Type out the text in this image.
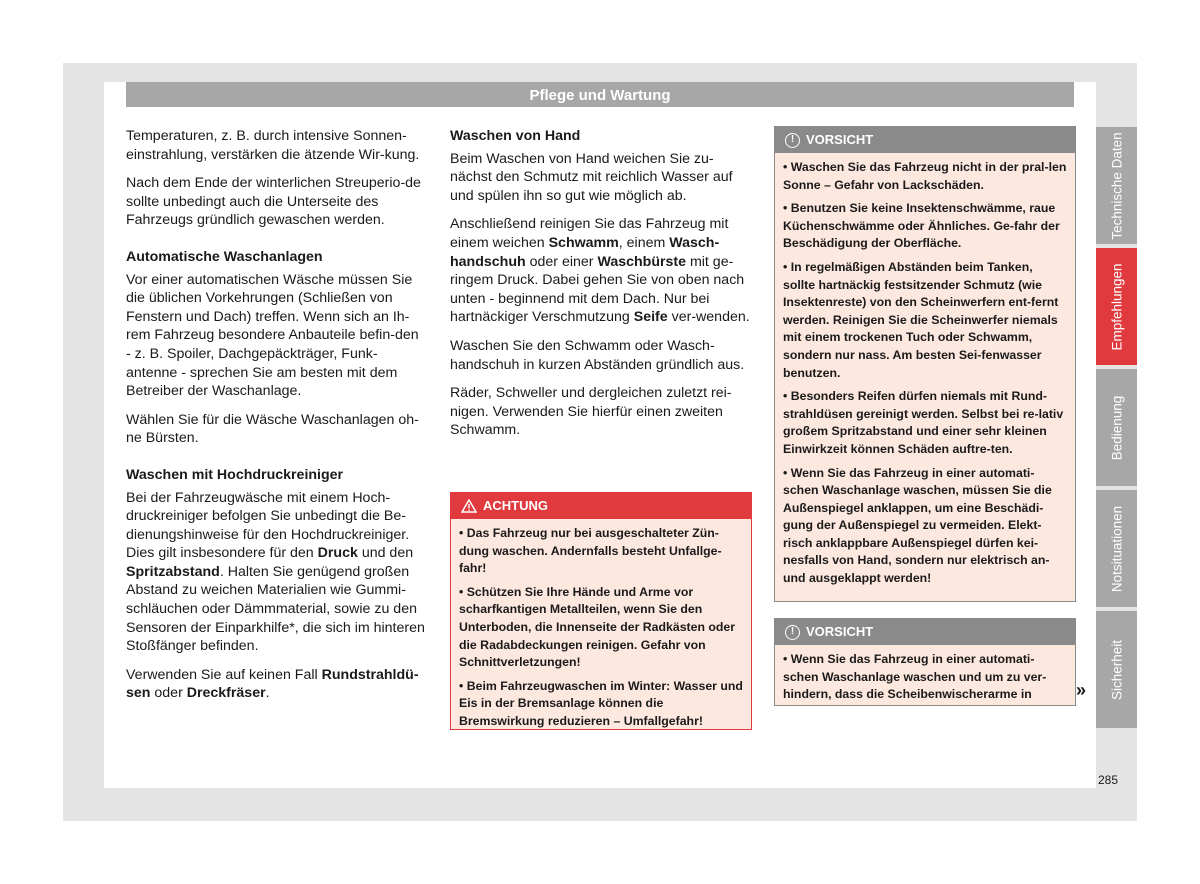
Pflege und Wartung

Temperaturen, z. B. durch intensive Sonnen-einstrahlung, verstärken die ätzende Wir-kung.

Nach dem Ende der winterlichen Streuperio-de sollte unbedingt auch die Unterseite des Fahrzeugs gründlich gewaschen werden.

Automatische Waschanlagen

Vor einer automatischen Wäsche müssen Sie die üblichen Vorkehrungen (Schließen von Fenstern und Dach) treffen. Wenn sich an Ih-rem Fahrzeug besondere Anbauteile befin-den - z. B. Spoiler, Dachgepäckträger, Funk-antenne - sprechen Sie am besten mit dem Betreiber der Waschanlage.

Wählen Sie für die Wäsche Waschanlagen oh-ne Bürsten.

Waschen mit Hochdruckreiniger

Bei der Fahrzeugwäsche mit einem Hoch-druckreiniger befolgen Sie unbedingt die Be-dienungshinweise für den Hochdruckreiniger. Dies gilt insbesondere für den Druck und den Spritzabstand. Halten Sie genügend großen Abstand zu weichen Materialien wie Gummi-schläuchen oder Dämmmaterial, sowie zu den Sensoren der Einparkhilfe*, die sich im hinteren Stoßfänger befinden.

Verwenden Sie auf keinen Fall Rundstrahldü-sen oder Dreckfräser.

Waschen von Hand

Beim Waschen von Hand weichen Sie zu-nächst den Schmutz mit reichlich Wasser auf und spülen ihn so gut wie möglich ab.

Anschließend reinigen Sie das Fahrzeug mit einem weichen Schwamm, einem Wasch-handschuh oder einer Waschbürste mit ge-ringem Druck. Dabei gehen Sie von oben nach unten - beginnend mit dem Dach. Nur bei hartnäckiger Verschmutzung Seife ver-wenden.

Waschen Sie den Schwamm oder Wasch-handschuh in kurzen Abständen gründlich aus.

Räder, Schweller und dergleichen zuletzt rei-nigen. Verwenden Sie hierfür einen zweiten Schwamm.

ACHTUNG
• Das Fahrzeug nur bei ausgeschalteter Zün-dung waschen. Andernfalls besteht Unfallge-fahr!
• Schützen Sie Ihre Hände und Arme vor scharfkantigen Metallteilen, wenn Sie den Unterboden, die Innenseite der Radkästen oder die Radabdeckungen reinigen. Gefahr von Schnittverletzungen!
• Beim Fahrzeugwaschen im Winter: Wasser und Eis in der Bremsanlage können die Bremswirkung reduzieren – Umfallgefahr!
! VORSICHT
• Waschen Sie das Fahrzeug nicht in der pral-len Sonne – Gefahr von Lackschäden.
• Benutzen Sie keine Insektenschwämme, raue Küchenschwämme oder Ähnliches. Ge-fahr der Beschädigung der Oberfläche.
• In regelmäßigen Abständen beim Tanken, sollte hartnäckig festsitzender Schmutz (wie Insektenreste) von den Scheinwerfern ent-fernt werden. Reinigen Sie die Scheinwerfer niemals mit einem trockenen Tuch oder Schwamm, sondern nur nass. Am besten Sei-fenwasser benutzen.
• Besonders Reifen dürfen niemals mit Rund-strahldüsen gereinigt werden. Selbst bei re-lativ großem Spritzabstand und einer sehr kleinen Einwirkzeit können Schäden auftre-ten.
• Wenn Sie das Fahrzeug in einer automati-schen Waschanlage waschen, müssen Sie die Außenspiegel anklappen, um eine Beschädi-gung der Außenspiegel zu vermeiden. Elekt-risch anklappbare Außenspiegel dürfen kei-nesfalls von Hand, sondern nur elektrisch an-und ausgeklappt werden!
! VORSICHT
• Wenn Sie das Fahrzeug in einer automati-schen Waschanlage waschen und um zu ver-hindern, dass die Scheibenwischerarme in	»
Technische Daten
Empfehlungen
Bedienung
Notsituationen
Sicherheit
285
